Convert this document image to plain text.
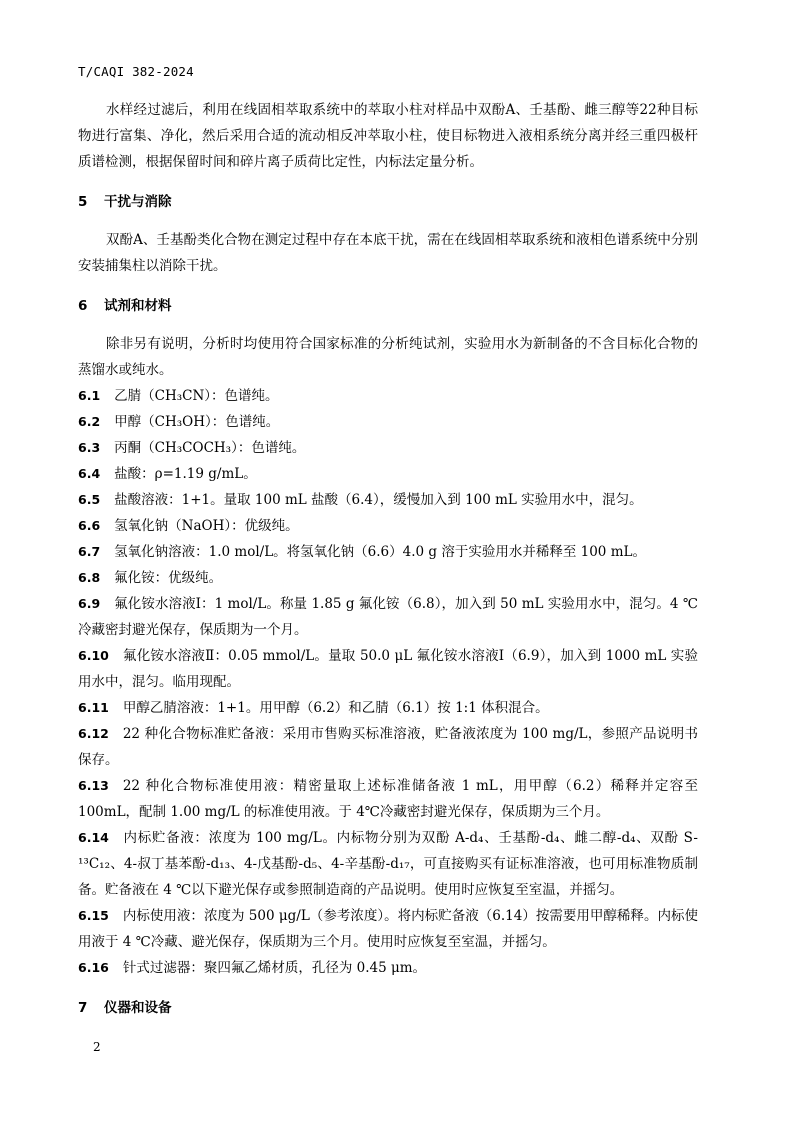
T/CAQI 382-2024

水样经过滤后，利用在线固相萃取系统中的萃取小柱对样品中双酚A、壬基酚、雌三醇等22种目标物进行富集、净化，然后采用合适的流动相反冲萃取小柱，使目标物进入液相系统分离并经三重四极杆质谱检测，根据保留时间和碎片离子质荷比定性，内标法定量分析。

5 干扰与消除

双酚A、壬基酚类化合物在测定过程中存在本底干扰，需在在线固相萃取系统和液相色谱系统中分别安装捕集柱以消除干扰。

6 试剂和材料

除非另有说明，分析时均使用符合国家标准的分析纯试剂，实验用水为新制备的不含目标化合物的蒸馏水或纯水。

6.1 乙腈（CH₃CN）：色谱纯。

6.2 甲醇（CH₃OH）：色谱纯。

6.3 丙酮（CH₃COCH₃）：色谱纯。

6.4 盐酸：ρ=1.19 g/mL。

6.5 盐酸溶液：1+1。量取 100 mL 盐酸（6.4），缓慢加入到 100 mL 实验用水中，混匀。

6.6 氢氧化钠（NaOH）：优级纯。

6.7 氢氧化钠溶液：1.0 mol/L。将氢氧化钠（6.6）4.0 g 溶于实验用水并稀释至 100 mL。

6.8 氟化铵：优级纯。

6.9 氟化铵水溶液Ⅰ：1 mol/L。称量 1.85 g 氟化铵（6.8），加入到 50 mL 实验用水中，混匀。4 ℃冷藏密封避光保存，保质期为一个月。

6.10 氟化铵水溶液Ⅱ：0.05 mmol/L。量取 50.0 μL 氟化铵水溶液Ⅰ（6.9），加入到 1000 mL 实验用水中，混匀。临用现配。

6.11 甲醇乙腈溶液：1+1。用甲醇（6.2）和乙腈（6.1）按 1:1 体积混合。

6.12 22 种化合物标准贮备液：采用市售购买标准溶液，贮备液浓度为 100 mg/L，参照产品说明书保存。

6.13 22 种化合物标准使用液：精密量取上述标准储备液 1 mL，用甲醇（6.2）稀释并定容至 100mL，配制 1.00 mg/L 的标准使用液。于 4℃冷藏密封避光保存，保质期为三个月。

6.14 内标贮备液：浓度为 100 mg/L。内标物分别为双酚 A-d₄、壬基酚-d₄、雌二醇-d₄、双酚 S-¹³C₁₂、4-叔丁基苯酚-d₁₃、4-戊基酚-d₅、4-辛基酚-d₁₇，可直接购买有证标准溶液，也可用标准物质制备。贮备液在 4 ℃以下避光保存或参照制造商的产品说明。使用时应恢复至室温，并摇匀。

6.15 内标使用液：浓度为 500 μg/L（参考浓度）。将内标贮备液（6.14）按需要用甲醇稀释。内标使用液于 4 ℃冷藏、避光保存，保质期为三个月。使用时应恢复至室温，并摇匀。

6.16 针式过滤器：聚四氟乙烯材质，孔径为 0.45 μm。

7 仪器和设备
2
